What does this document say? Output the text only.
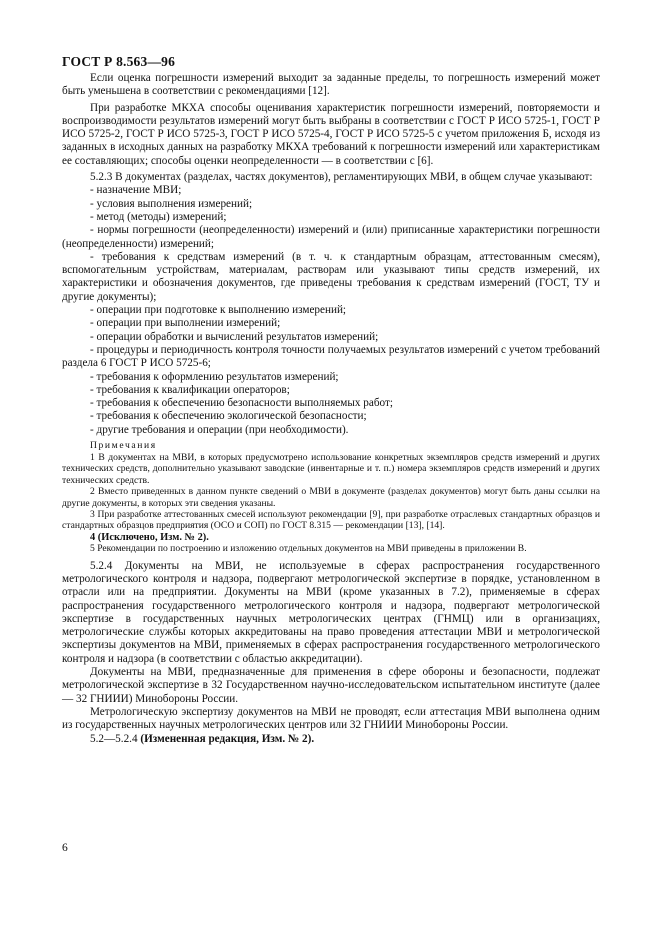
ГОСТ Р 8.563—96

Если оценка погрешности измерений выходит за заданные пределы, то погрешность измерений может быть уменьшена в соответствии с рекомендациями [12].

При разработке МКХА способы оценивания характеристик погрешности измерений, повторяемости и воспроизводимости результатов измерений могут быть выбраны в соответствии с ГОСТ Р ИСО 5725-1, ГОСТ Р ИСО 5725-2, ГОСТ Р ИСО 5725-3, ГОСТ Р ИСО 5725-4, ГОСТ Р ИСО 5725-5 с учетом приложения Б, исходя из заданных в исходных данных на разработку МКХА требований к погрешности измерений или характеристикам ее составляющих; способы оценки неопределенности — в соответствии с [6].

5.2.3 В документах (разделах, частях документов), регламентирующих МВИ, в общем случае указывают:

- назначение МВИ;

- условия выполнения измерений;

- метод (методы) измерений;

- нормы погрешности (неопределенности) измерений и (или) приписанные характеристики погрешности (неопределенности) измерений;

- требования к средствам измерений (в т. ч. к стандартным образцам, аттестованным смесям), вспомогательным устройствам, материалам, растворам или указывают типы средств измерений, их характеристики и обозначения документов, где приведены требования к средствам измерений (ГОСТ, ТУ и другие документы);

- операции при подготовке к выполнению измерений;

- операции при выполнении измерений;

- операции обработки и вычислений результатов измерений;

- процедуры и периодичность контроля точности получаемых результатов измерений с учетом требований раздела 6 ГОСТ Р ИСО 5725-6;

- требования к оформлению результатов измерений;

- требования к квалификации операторов;

- требования к обеспечению безопасности выполняемых работ;

- требования к обеспечению экологической безопасности;

- другие требования и операции (при необходимости).

Примечания

1 В документах на МВИ, в которых предусмотрено использование конкретных экземпляров средств измерений и других технических средств, дополнительно указывают заводские (инвентарные и т. п.) номера экземпляров средств измерений и других технических средств.

2 Вместо приведенных в данном пункте сведений о МВИ в документе (разделах документов) могут быть даны ссылки на другие документы, в которых эти сведения указаны.

3 При разработке аттестованных смесей используют рекомендации [9], при разработке отраслевых стандартных образцов и стандартных образцов предприятия (ОСО и СОП) по ГОСТ 8.315 — рекомендации [13], [14].

4 (Исключено, Изм. № 2).

5 Рекомендации по построению и изложению отдельных документов на МВИ приведены в приложении В.

5.2.4 Документы на МВИ, не используемые в сферах распространения государственного метрологического контроля и надзора, подвергают метрологической экспертизе в порядке, установленном в отрасли или на предприятии. Документы на МВИ (кроме указанных в 7.2), применяемые в сферах распространения государственного метрологического контроля и надзора, подвергают метрологической экспертизе в государственных научных метрологических центрах (ГНМЦ) или в организациях, метрологические службы которых аккредитованы на право проведения аттестации МВИ и метрологической экспертизы документов на МВИ, применяемых в сферах распространения государственного метрологического контроля и надзора (в соответствии с областью аккредитации).

Документы на МВИ, предназначенные для применения в сфере обороны и безопасности, подлежат метрологической экспертизе в 32 Государственном научно-исследовательском испытательном институте (далее — 32 ГНИИИ) Минобороны России.

Метрологическую экспертизу документов на МВИ не проводят, если аттестация МВИ выполнена одним из государственных научных метрологических центров или 32 ГНИИИ Минобороны России.

5.2—5.2.4 (Измененная редакция, Изм. № 2).

6
